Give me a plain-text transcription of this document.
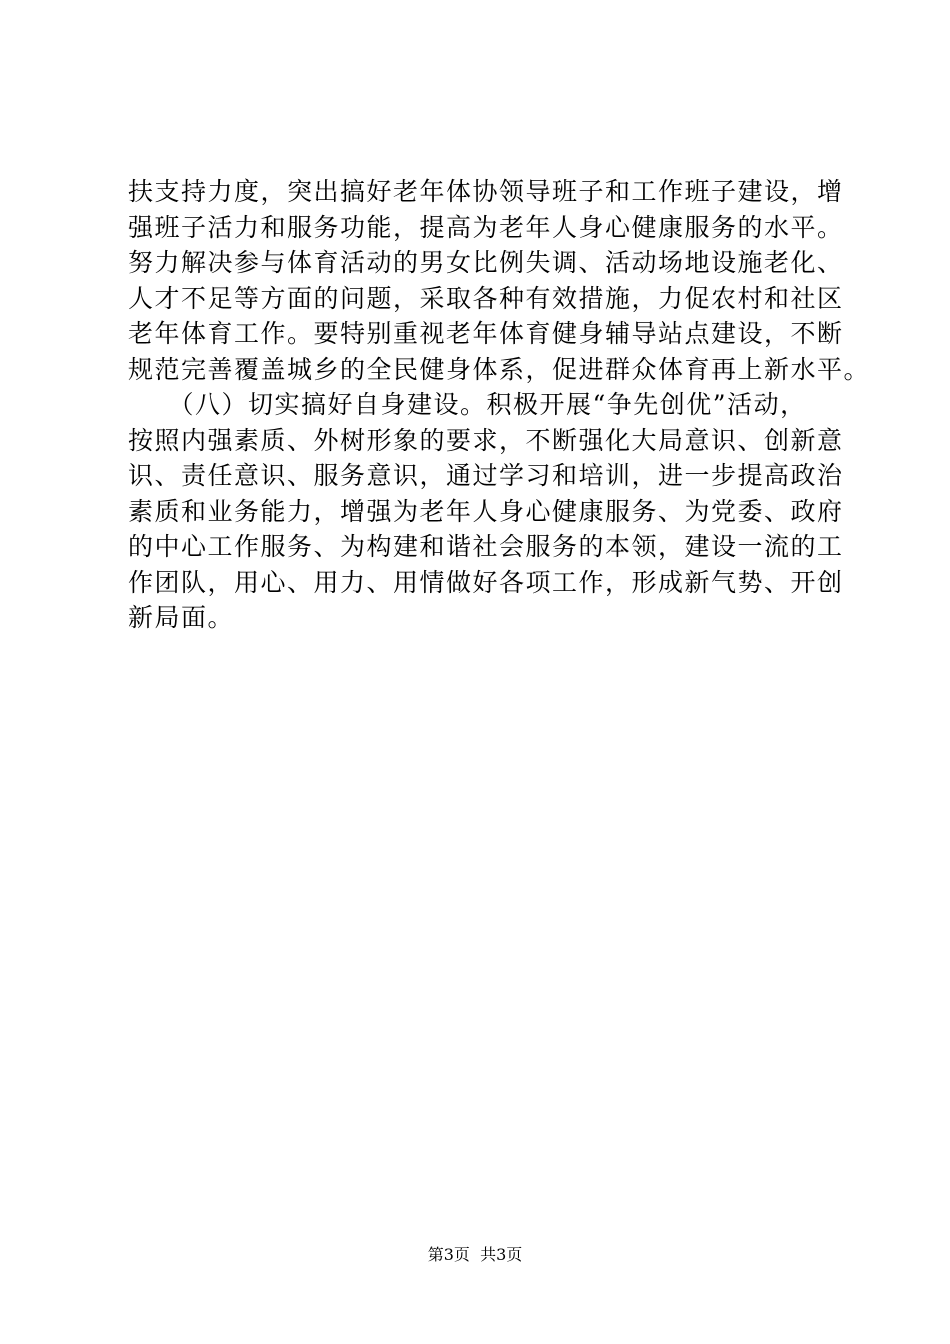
扶支持力度，突出搞好老年体协领导班子和工作班子建设，增
强班子活力和服务功能，提高为老年人身心健康服务的水平。
努力解决参与体育活动的男女比例失调、活动场地设施老化、
人才不足等方面的问题，采取各种有效措施，力促农村和社区
老年体育工作。要特别重视老年体育健身辅导站点建设，不断
规范完善覆盖城乡的全民健身体系，促进群众体育再上新水平。
　　（八）切实搞好自身建设。积极开展“争先创优”活动，
按照内强素质、外树形象的要求，不断强化大局意识、创新意
识、责任意识、服务意识，通过学习和培训，进一步提高政治
素质和业务能力，增强为老年人身心健康服务、为党委、政府
的中心工作服务、为构建和谐社会服务的本领，建设一流的工
作团队，用心、用力、用情做好各项工作，形成新气势、开创
新局面。
第3页  共3页
